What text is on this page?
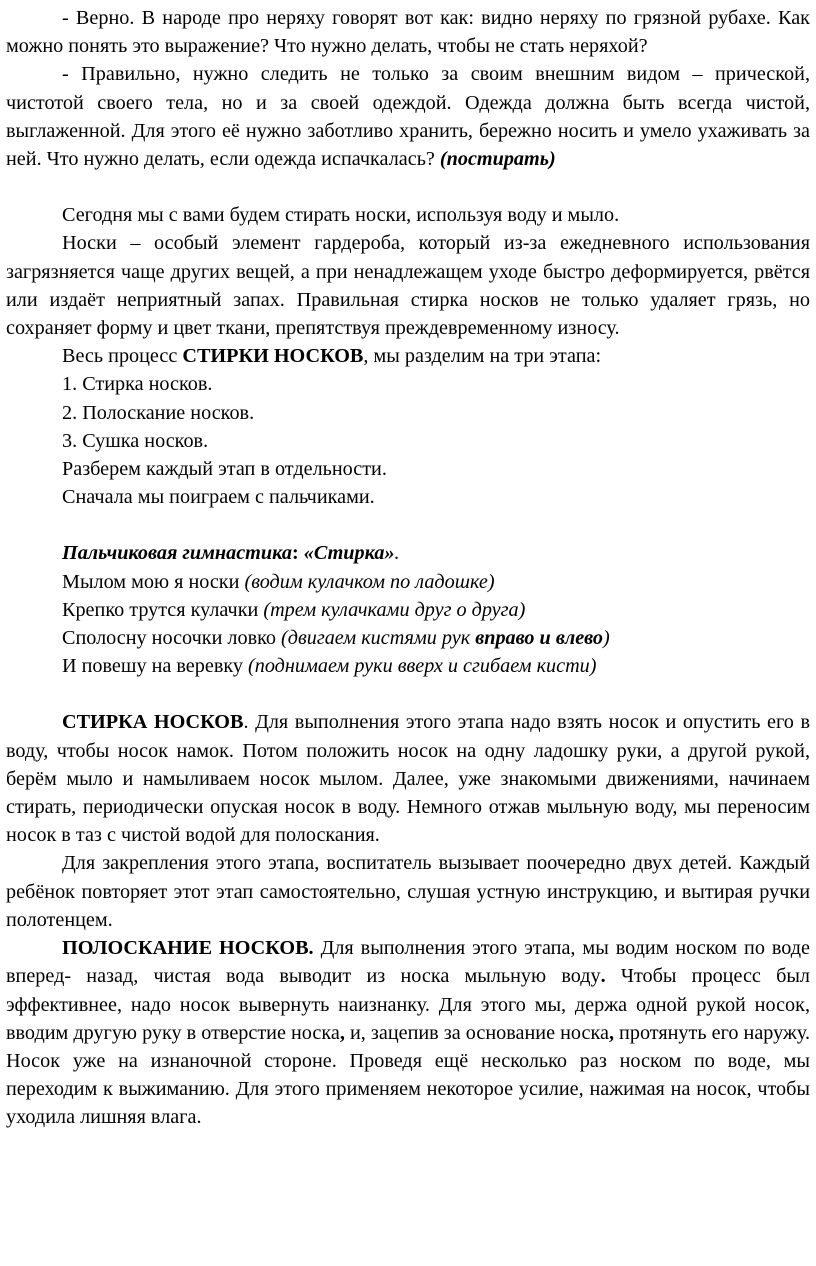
- Верно. В народе про неряху говорят вот как: видно неряху по грязной рубахе. Как можно понять это выражение? Что нужно делать, чтобы не стать неряхой?

- Правильно, нужно следить не только за своим внешним видом – прической, чистотой своего тела, но и за своей одеждой. Одежда должна быть всегда чистой, выглаженной. Для этого её нужно заботливо хранить, бережно носить и умело ухаживать за ней. Что нужно делать, если одежда испачкалась? (постирать)

Сегодня мы с вами будем стирать носки, используя воду и мыло.

Носки – особый элемент гардероба, который из-за ежедневного использования загрязняется чаще других вещей, а при ненадлежащем уходе быстро деформируется, рвётся или издаёт неприятный запах. Правильная стирка носков не только удаляет грязь, но сохраняет форму и цвет ткани, препятствуя преждевременному износу.

Весь процесс СТИРКИ НОСКОВ, мы разделим на три этапа:

1. Стирка носков.

2. Полоскание носков.

3. Сушка носков.

Разберем каждый этап в отдельности.

Сначала мы поиграем с пальчиками.

Пальчиковая гимнастика: «Стирка».

Мылом мою я носки (водим кулачком по ладошке)

Крепко трутся кулачки (трем кулачками друг о друга)

Сполосну носочки ловко (двигаем кистями рук вправо и влево)

И повешу на веревку (поднимаем руки вверх и сгибаем кисти)

СТИРКА НОСКОВ. Для выполнения этого этапа надо взять носок и опустить его в воду, чтобы носок намок. Потом положить носок на одну ладошку руки, а другой рукой, берём мыло и намыливаем носок мылом. Далее, уже знакомыми движениями, начинаем стирать, периодически опуская носок в воду. Немного отжав мыльную воду, мы переносим носок в таз с чистой водой для полоскания.

Для закрепления этого этапа, воспитатель вызывает поочередно двух детей. Каждый ребёнок повторяет этот этап самостоятельно, слушая устную инструкцию, и вытирая ручки полотенцем.

ПОЛОСКАНИЕ НОСКОВ. Для выполнения этого этапа, мы водим носком по воде вперед- назад, чистая вода выводит из носка мыльную воду. Чтобы процесс был эффективнее, надо носок вывернуть наизнанку. Для этого мы, держа одной рукой носок, вводим другую руку в отверстие носка, и, зацепив за основание носка, протянуть его наружу. Носок уже на изнаночной стороне. Проведя ещё несколько раз носком по воде, мы переходим к выжиманию. Для этого применяем некоторое усилие, нажимая на носок, чтобы уходила лишняя влага.
